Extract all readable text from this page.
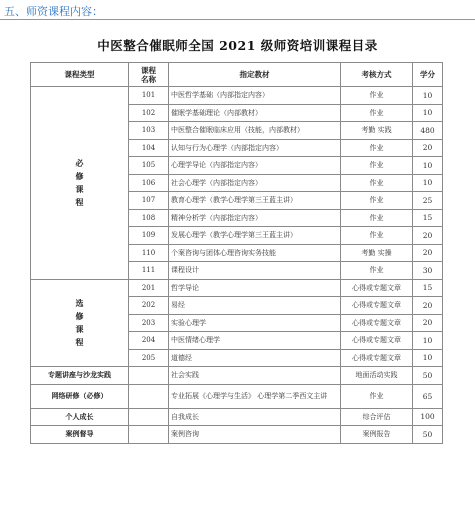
五、师资课程内容：
中医整合催眠师全国 2021 级师资培训课程目录
课程类型	课程名称	指定教材	考核方式	学分
必修课程	101	中医哲学基础（内部指定内容）	作业	10
	102	催眠学基础理论（内部教材）	作业	10
	103	中医整合催眠临床应用（技能，内部教材）	考勤 实践	480
	104	认知与行为心理学（内部指定内容）	作业	20
	105	心理学导论（内部指定内容）	作业	10
	106	社会心理学（内部指定内容）	作业	10
	107	教育心理学（教学心理学第三王蓝主讲）	作业	25
	108	精神分析学（内部指定内容）	作业	15
	109	发展心理学（教学心理学第三王蓝主讲）	作业	20
	110	个案咨询与团体心理咨询实务技能	考勤 实操	20
	111	课程设计	作业	30
选修课程	201	哲学导论	心得或专题文章	15
	202	易经	心得或专题文章	20
	203	实验心理学	心得或专题文章	20
	204	中医情绪心理学	心得或专题文章	10
	205	道德经	心得或专题文章	10
专题讲座与沙龙实践		社会实践	地面活动实践	50
网络研修（必修）		专业拓展《心理学与生活》 心理学第二季西文主讲	作业	65
个人成长		自我成长	综合评估	100
案例督导		案例咨询	案例报告	50
